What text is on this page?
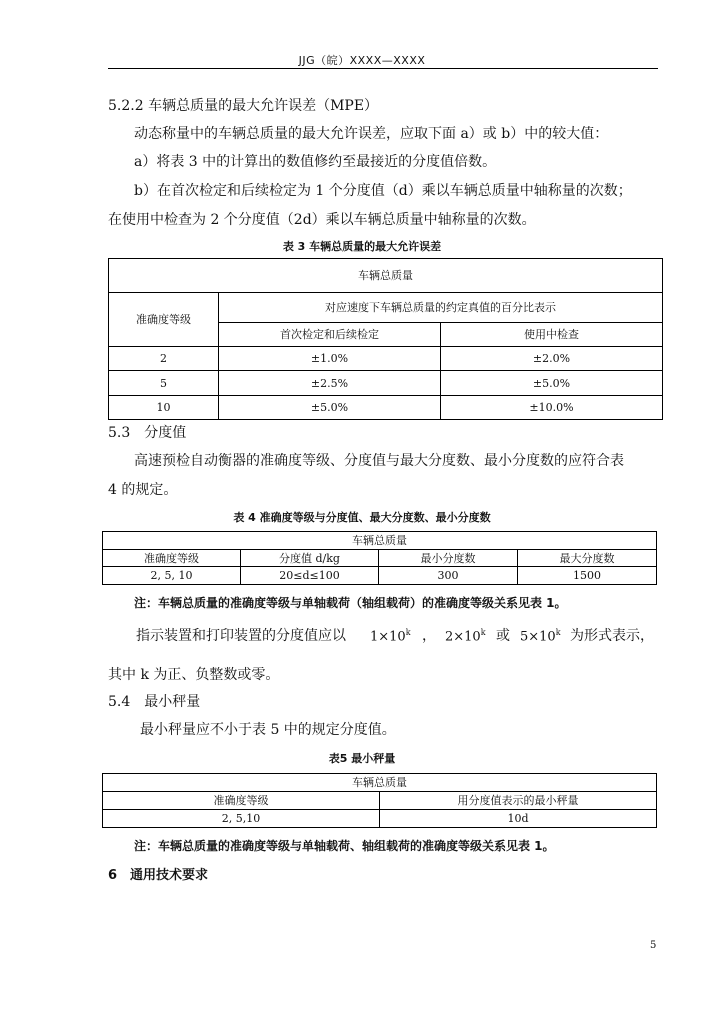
JJG（皖）XXXX—XXXX
5.2.2 车辆总质量的最大允许误差（MPE）
动态称量中的车辆总质量的最大允许误差，应取下面 a）或 b）中的较大值：
a）将表 3 中的计算出的数值修约至最接近的分度值倍数。
b）在首次检定和后续检定为 1 个分度值（d）乘以车辆总质量中轴称量的次数；
在使用中检查为 2 个分度值（2d）乘以车辆总质量中轴称量的次数。
表 3 车辆总质量的最大允许误差
车辆总质量		
准确度等级	对应速度下车辆总质量的约定真值的百分比表示	
	首次检定和后续检定	使用中检查
2	±1.0%	±2.0%
5	±2.5%	±5.0%
10	±5.0%	±10.0%
5.3　分度值
高速预检自动衡器的准确度等级、分度值与最大分度数、最小分度数的应符合表
4 的规定。
表 4 准确度等级与分度值、最大分度数、最小分度数
车辆总质量			
准确度等级	分度值 d/kg	最小分度数	最大分度数
2, 5, 10	20≤d≤100	300	1500
注：车辆总质量的准确度等级与单轴载荷（轴组载荷）的准确度等级关系见表 1。
指示装置和打印装置的分度值应以 $1\times 10^k$ ， $2\times 10^k$ 或 $5\times 10^k$ 为形式表示，
其中 k 为正、负整数或零。
5.4　最小秤量
最小秤量应不小于表 5 中的规定分度值。
表5 最小秤量
车辆总质量	
准确度等级	用分度值表示的最小秤量
2, 5,10	10d
注：车辆总质量的准确度等级与单轴载荷、轴组载荷的准确度等级关系见表 1。
6　通用技术要求
5
